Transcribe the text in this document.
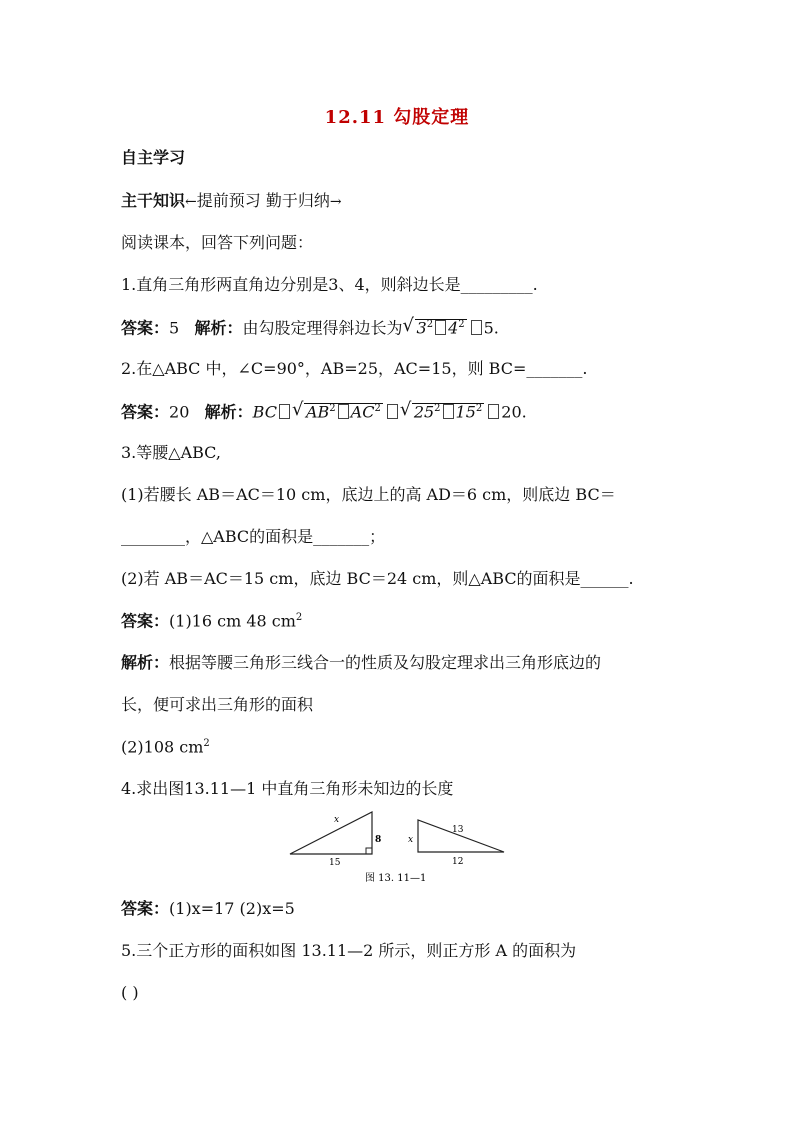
12.11 勾股定理
自主学习
主干知识←提前预习 勤于归纳→
阅读课本，回答下列问题：
1.直角三角形两直角边分别是3、4，则斜边长是_________.
答案：5 解析：由勾股定理得斜边长为√ $3^2$ $4^2$ 5.
2.在△ABC 中，∠C=90°，AB=25，AC=15，则 BC=_______.
答案：20 解析：BC√ $AB^2$ $AC^2√$ $25^2$ $15^2$ 20.
3.等腰△ABC,
(1)若腰长 AB＝AC＝10 cm，底边上的高 AD＝6 cm，则底边 BC＝
________，△ABC的面积是_______；
(2)若 AB＝AC＝15 cm，底边 BC＝24 cm，则△ABC的面积是______.
答案：(1)16 cm 48 $cm^2$
解析：根据等腰三角形三线合一的性质及勾股定理求出三角形底边的
长，便可求出三角形的面积
(2)108 $cm^2$
4.求出图13.11—1 中直角三角形未知边的长度
x
8
15
13
x
12
图 13. 11—1
答案：(1)x=17 (2)x=5
5.三个正方形的面积如图 13.11—2 所示，则正方形 A 的面积为
( )
